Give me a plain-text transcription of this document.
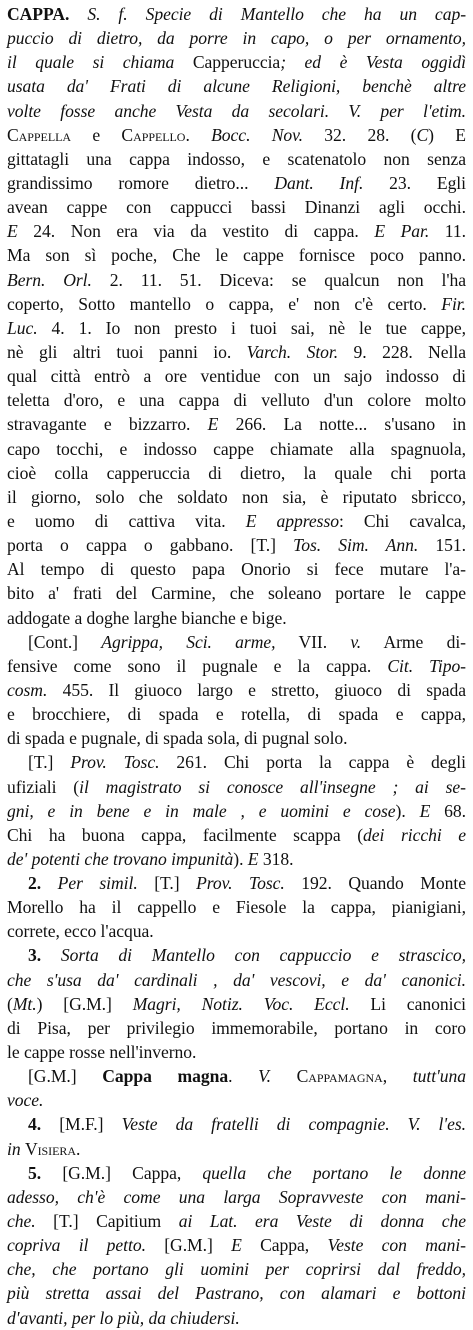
CAPPA. S. f. Specie di Mantello che ha un cap-
puccio di dietro, da porre in capo, o per ornamento,
il quale si chiama Capperuccia; ed è Vesta oggidì
usata da' Frati di alcune Religioni, benchè altre
volte fosse anche Vesta da secolari. V. per l'etim.
Cappella e Cappello. Bocc. Nov. 32. 28. (C) E
gittatagli una cappa indosso, e scatenatolo non senza
grandissimo romore dietro... Dant. Inf. 23. Egli
avean cappe con cappucci bassi Dinanzi agli occhi.
E 24. Non era via da vestito di cappa. E Par. 11.
Ma son sì poche, Che le cappe fornisce poco panno.
Bern. Orl. 2. 11. 51. Diceva: se qualcun non l'ha
coperto, Sotto mantello o cappa, e' non c'è certo. Fir.
Luc. 4. 1. Io non presto i tuoi sai, nè le tue cappe,
nè gli altri tuoi panni io. Varch. Stor. 9. 228. Nella
qual città entrò a ore ventidue con un sajo indosso di
teletta d'oro, e una cappa di velluto d'un colore molto
stravagante e bizzarro. E 266. La notte... s'usano in
capo tocchi, e indosso cappe chiamate alla spagnuola,
cioè colla capperuccia di dietro, la quale chi porta
il giorno, solo che soldato non sia, è riputato sbricco,
e uomo di cattiva vita. E appresso: Chi cavalca,
porta o cappa o gabbano. [T.] Tos. Sim. Ann. 151.
Al tempo di questo papa Onorio si fece mutare l'a-
bito a' frati del Carmine, che soleano portare le cappe
addogate a doghe larghe bianche e bige.
[Cont.] Agrippa, Sci. arme, VII. v. Arme di-
fensive come sono il pugnale e la cappa. Cit. Tipo-
cosm. 455. Il giuoco largo e stretto, giuoco di spada
e brocchiere, di spada e rotella, di spada e cappa,
di spada e pugnale, di spada sola, di pugnal solo.
[T.] Prov. Tosc. 261. Chi porta la cappa è degli
ufiziali (il magistrato si conosce all'insegne ; ai se-
gni, e in bene e in male , e uomini e cose). E 68.
Chi ha buona cappa, facilmente scappa (dei ricchi e
de' potenti che trovano impunità). E 318.
2. Per simil. [T.] Prov. Tosc. 192. Quando Monte
Morello ha il cappello e Fiesole la cappa, pianigiani,
correte, ecco l'acqua.
3. Sorta di Mantello con cappuccio e strascico,
che s'usa da' cardinali , da' vescovi, e da' canonici.
(Mt.) [G.M.] Magri, Notiz. Voc. Eccl. Li canonici
di Pisa, per privilegio immemorabile, portano in coro
le cappe rosse nell'inverno.
[G.M.] Cappa magna. V. Cappamagna, tutt'una
voce.
4. [M.F.] Veste da fratelli di compagnie. V. l'es.
in Visiera.
5. [G.M.] Cappa, quella che portano le donne
adesso, ch'è come una larga Sopravveste con mani-
che. [T.] Capitium ai Lat. era Veste di donna che
copriva il petto. [G.M.] E Cappa, Veste con mani-
che, che portano gli uomini per coprirsi dal freddo,
più stretta assai del Pastrano, con alamari e bottoni
d'avanti, per lo più, da chiudersi.
